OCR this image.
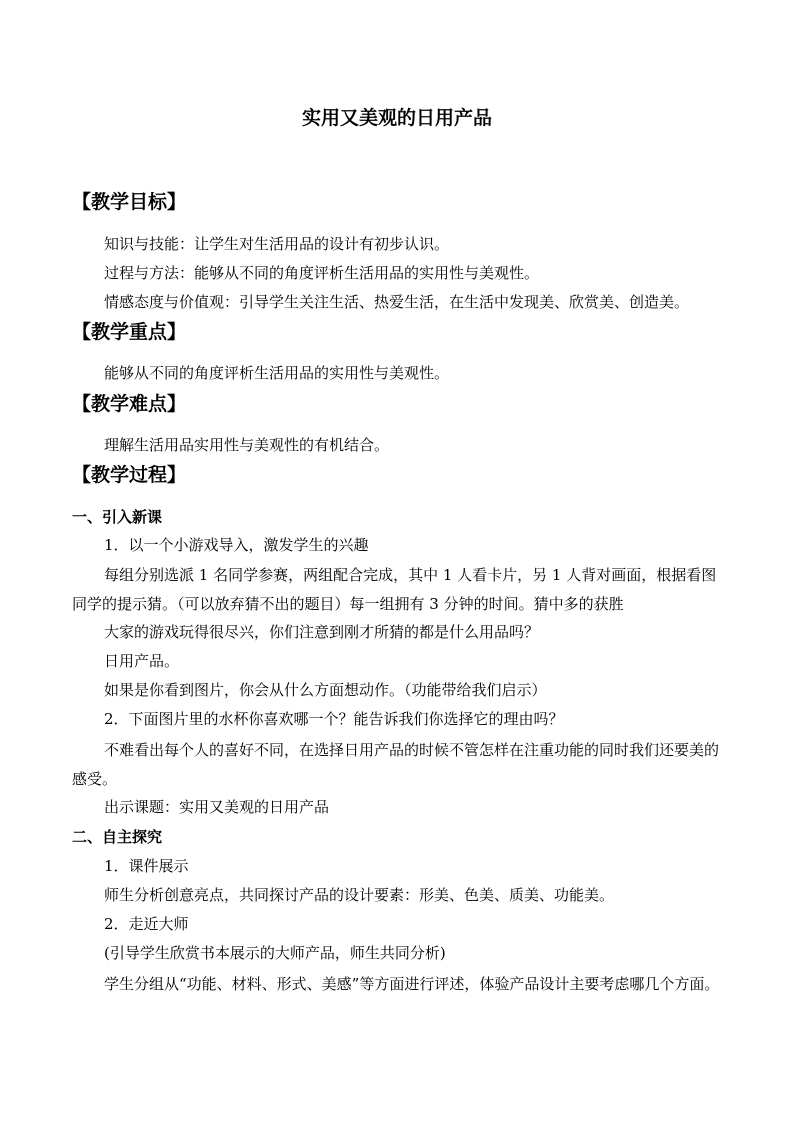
实用又美观的日用产品
【教学目标】
知识与技能：让学生对生活用品的设计有初步认识。
过程与方法：能够从不同的角度评析生活用品的实用性与美观性。
情感态度与价值观：引导学生关注生活、热爱生活，在生活中发现美、欣赏美、创造美。
【教学重点】
能够从不同的角度评析生活用品的实用性与美观性。
【教学难点】
理解生活用品实用性与美观性的有机结合。
【教学过程】
一、引入新课
1．以一个小游戏导入，激发学生的兴趣
每组分别选派 1 名同学参赛，两组配合完成，其中 1 人看卡片，另 1 人背对画面，根据看图同学的提示猜。（可以放弃猜不出的题目）每一组拥有 3 分钟的时间。猜中多的获胜
大家的游戏玩得很尽兴，你们注意到刚才所猜的都是什么用品吗？
日用产品。
如果是你看到图片，你会从什么方面想动作。（功能带给我们启示）
2．下面图片里的水杯你喜欢哪一个？能告诉我们你选择它的理由吗？
不难看出每个人的喜好不同，在选择日用产品的时候不管怎样在注重功能的同时我们还要美的感受。
出示课题：实用又美观的日用产品
二、自主探究
1．课件展示
师生分析创意亮点，共同探讨产品的设计要素：形美、色美、质美、功能美。
2．走近大师
(引导学生欣赏书本展示的大师产品，师生共同分析)
学生分组从“功能、材料、形式、美感”等方面进行评述，体验产品设计主要考虑哪几个方面。
